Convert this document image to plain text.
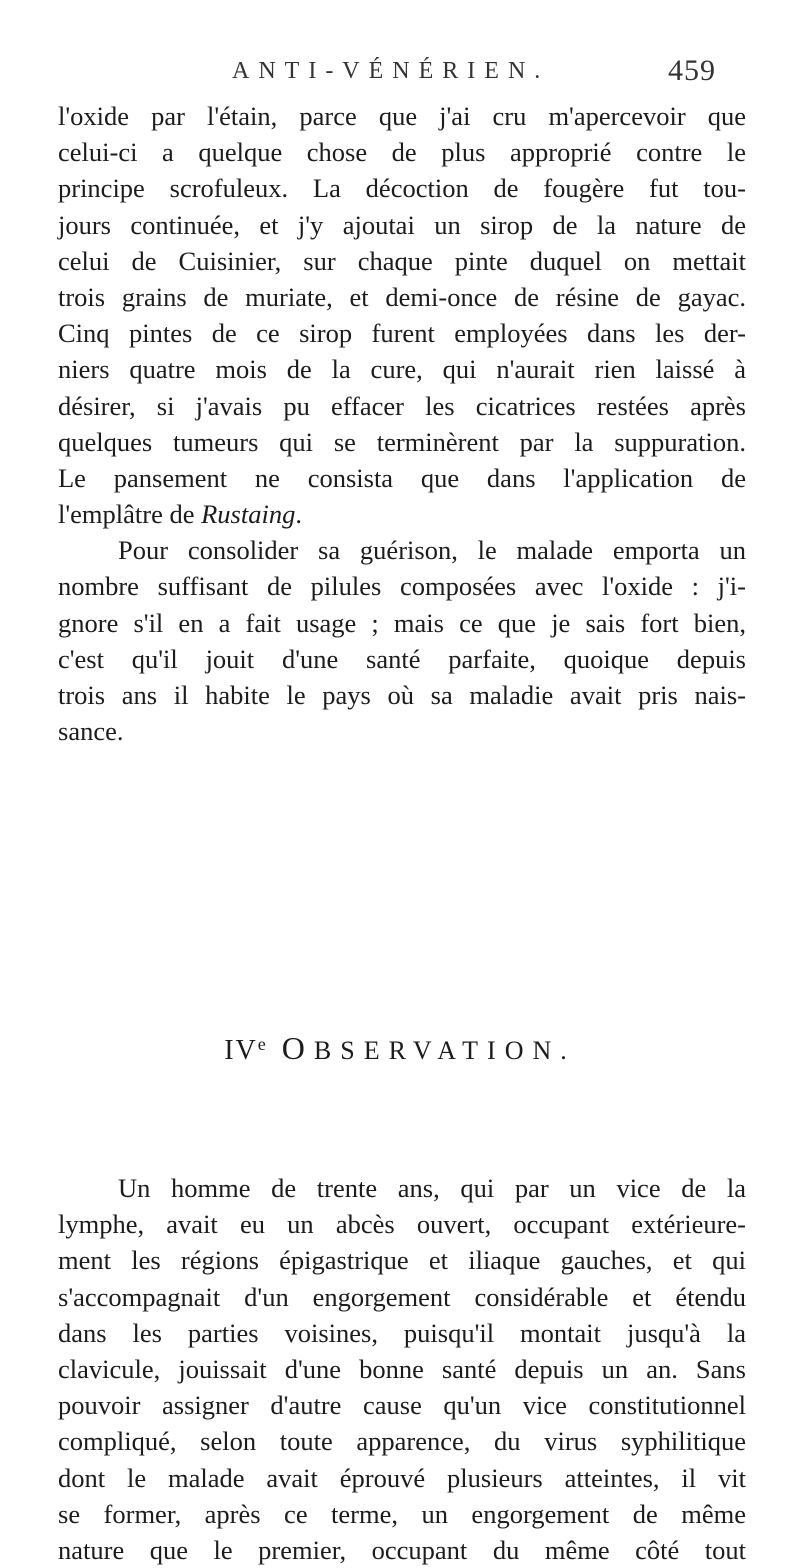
ANTI-VÉNÉRIEN.	459
l'oxide par l'étain, parce que j'ai cru m'apercevoir que
celui-ci a quelque chose de plus approprié contre le
principe scrofuleux. La décoction de fougère fut tou-
jours continuée, et j'y ajoutai un sirop de la nature de
celui de Cuisinier, sur chaque pinte duquel on mettait
trois grains de muriate, et demi-once de résine de gayac.
Cinq pintes de ce sirop furent employées dans les der-
niers quatre mois de la cure, qui n'aurait rien laissé à
désirer, si j'avais pu effacer les cicatrices restées après
quelques tumeurs qui se terminèrent par la suppuration.
Le pansement ne consista que dans l'application de
l'emplâtre de Rustaing.
Pour consolider sa guérison, le malade emporta un
nombre suffisant de pilules composées avec l'oxide : j'i-
gnore s'il en a fait usage ; mais ce que je sais fort bien,
c'est qu'il jouit d'une santé parfaite, quoique depuis
trois ans il habite le pays où sa maladie avait pris nais-
sance.
IVe OBSERVATION.
Un homme de trente ans, qui par un vice de la
lymphe, avait eu un abcès ouvert, occupant extérieure-
ment les régions épigastrique et iliaque gauches, et qui
s'accompagnait d'un engorgement considérable et étendu
dans les parties voisines, puisqu'il montait jusqu'à la
clavicule, jouissait d'une bonne santé depuis un an. Sans
pouvoir assigner d'autre cause qu'un vice constitutionnel
compliqué, selon toute apparence, du virus syphilitique
dont le malade avait éprouvé plusieurs atteintes, il vit
se former, après ce terme, un engorgement de même
nature que le premier, occupant du même côté tout
